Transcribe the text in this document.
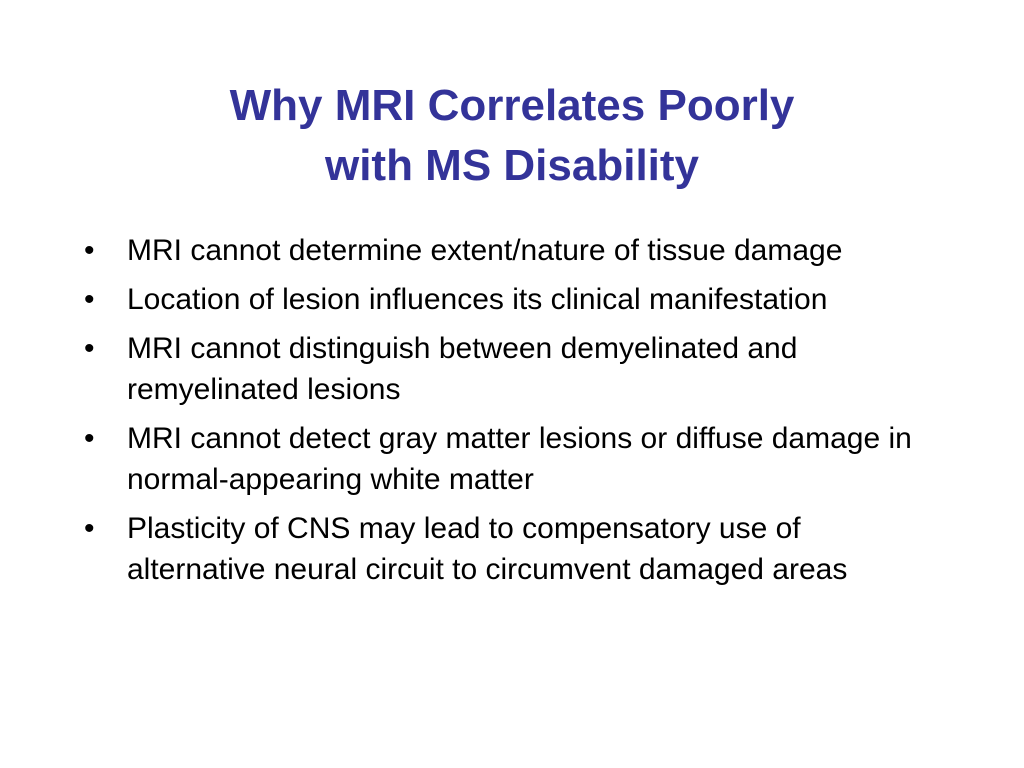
Why MRI Correlates Poorly
with MS Disability
•	MRI cannot determine extent/nature of tissue damage
•	Location of lesion influences its clinical manifestation
•	MRI cannot distinguish between demyelinated and remyelinated lesions
•	MRI cannot detect gray matter lesions or diffuse damage in normal-appearing white matter
•	Plasticity of CNS may lead to compensatory use of alternative neural circuit to circumvent damaged areas
